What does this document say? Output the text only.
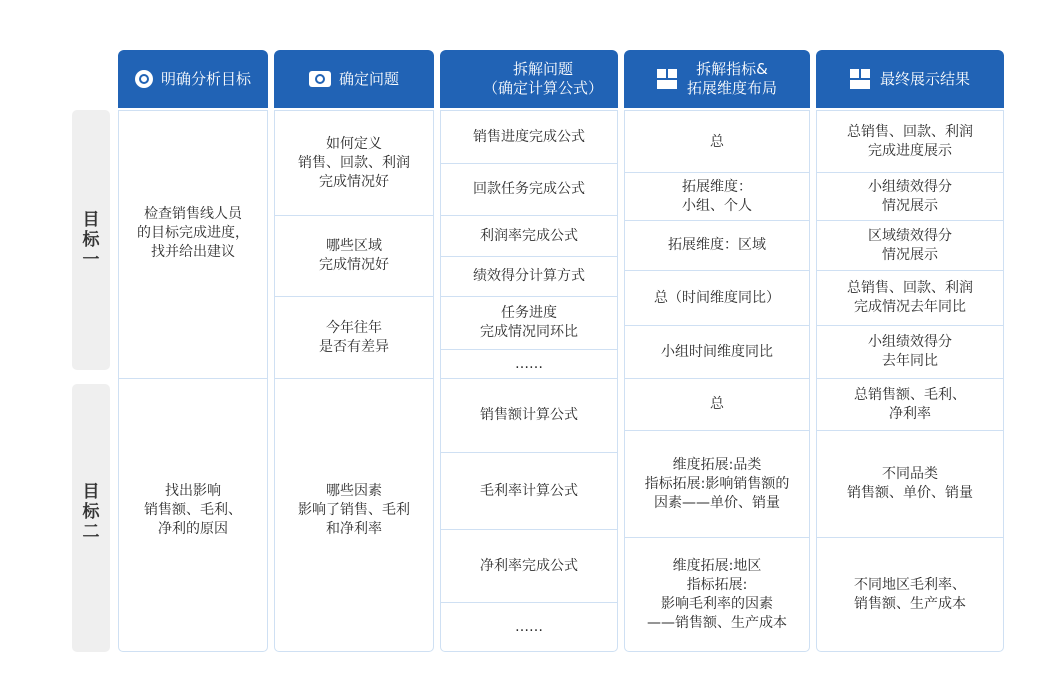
明确分析目标	确定问题
拆解问题
（确定计算公式）
拆解指标&
拓展维度布局
最终展示结果
目
标
一
目
标
二
检查销售线人员
的目标完成进度，
找并给出建议
如何定义
销售、回款、利润
完成情况好
哪些区域
完成情况好
今年往年
是否有差异
销售进度完成公式
回款任务完成公式
利润率完成公式
绩效得分计算方式
任务进度
完成情况同环比
……
总
拓展维度：
小组、个人
拓展维度：区域
总（时间维度同比）
小组时间维度同比
总销售、回款、利润
完成进度展示
小组绩效得分
情况展示
区域绩效得分
情况展示
总销售、回款、利润
完成情况去年同比
小组绩效得分
去年同比
找出影响
销售额、毛利、
净利的原因
哪些因素
影响了销售、毛利
和净利率
销售额计算公式
毛利率计算公式
净利率完成公式
……
总
维度拓展:品类
指标拓展:影响销售额的
因素——单价、销量
维度拓展:地区
指标拓展:
影响毛利率的因素
——销售额、生产成本
总销售额、毛利、
净利率
不同品类
销售额、单价、销量
不同地区毛利率、
销售额、生产成本
